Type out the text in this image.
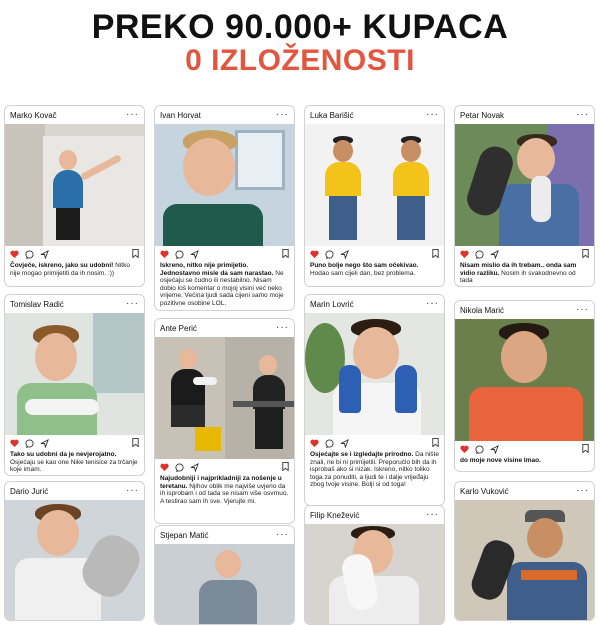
PREKO 90.000+ KUPACA
0 IZLOŽENOSTI
Marko Kovač	···
Čovječe, iskreno, jako su udobni! Nitko nije mogao primijetiti da ih nosim. :))
Tomislav Radić	···
Tako su udobni da je nevjerojatno. Osjećaju se kao one Nike tenisice za trčanje koje imam.
Dario Jurić	···
Ivan Horvat	···
Iskreno, nitko nije primijetio. Jednostavno misle da sam narastao. Ne osjećaju se čudno ili nestabilno. Nisam dobio loš komentar o mojoj visini već neko vrijeme. Većina ljudi sada cijeni samo moje pozitivne osobine LOL.
Ante Perić	···
Najudobniji i najprikladniji za nošenje u teretanu. Njihov oblik me najviše uvjerio da ih isprobam i od tada se nisam više osvrnuo. A testirao sam ih sve. Vjerujte mi.
Stjepan Matić	···
Luka Barišić	···
Puno bolje nego što sam očekivao. Hodao sam cijeli dan, bez problema.
Marin Lovrić	···
Osjećajte se i izgledajte prirodno. Da nište znali, ne bi ni primijetili. Preporučio bih da ih isprobaš ako si nizak. Iskreno, nitko toliko toga za ponuditi, a ljudi te i dalje vrijeđaju zbog tvoje visine. Bolji si od toga!
Filip Knežević	···
Petar Novak	···
Nisam mislio da ih trebam.. onda sam vidio razliku. Nosim ih svakodnevno od tada
Nikola Marić	···
do moje nove visine Imao.
Karlo Vuković	···
